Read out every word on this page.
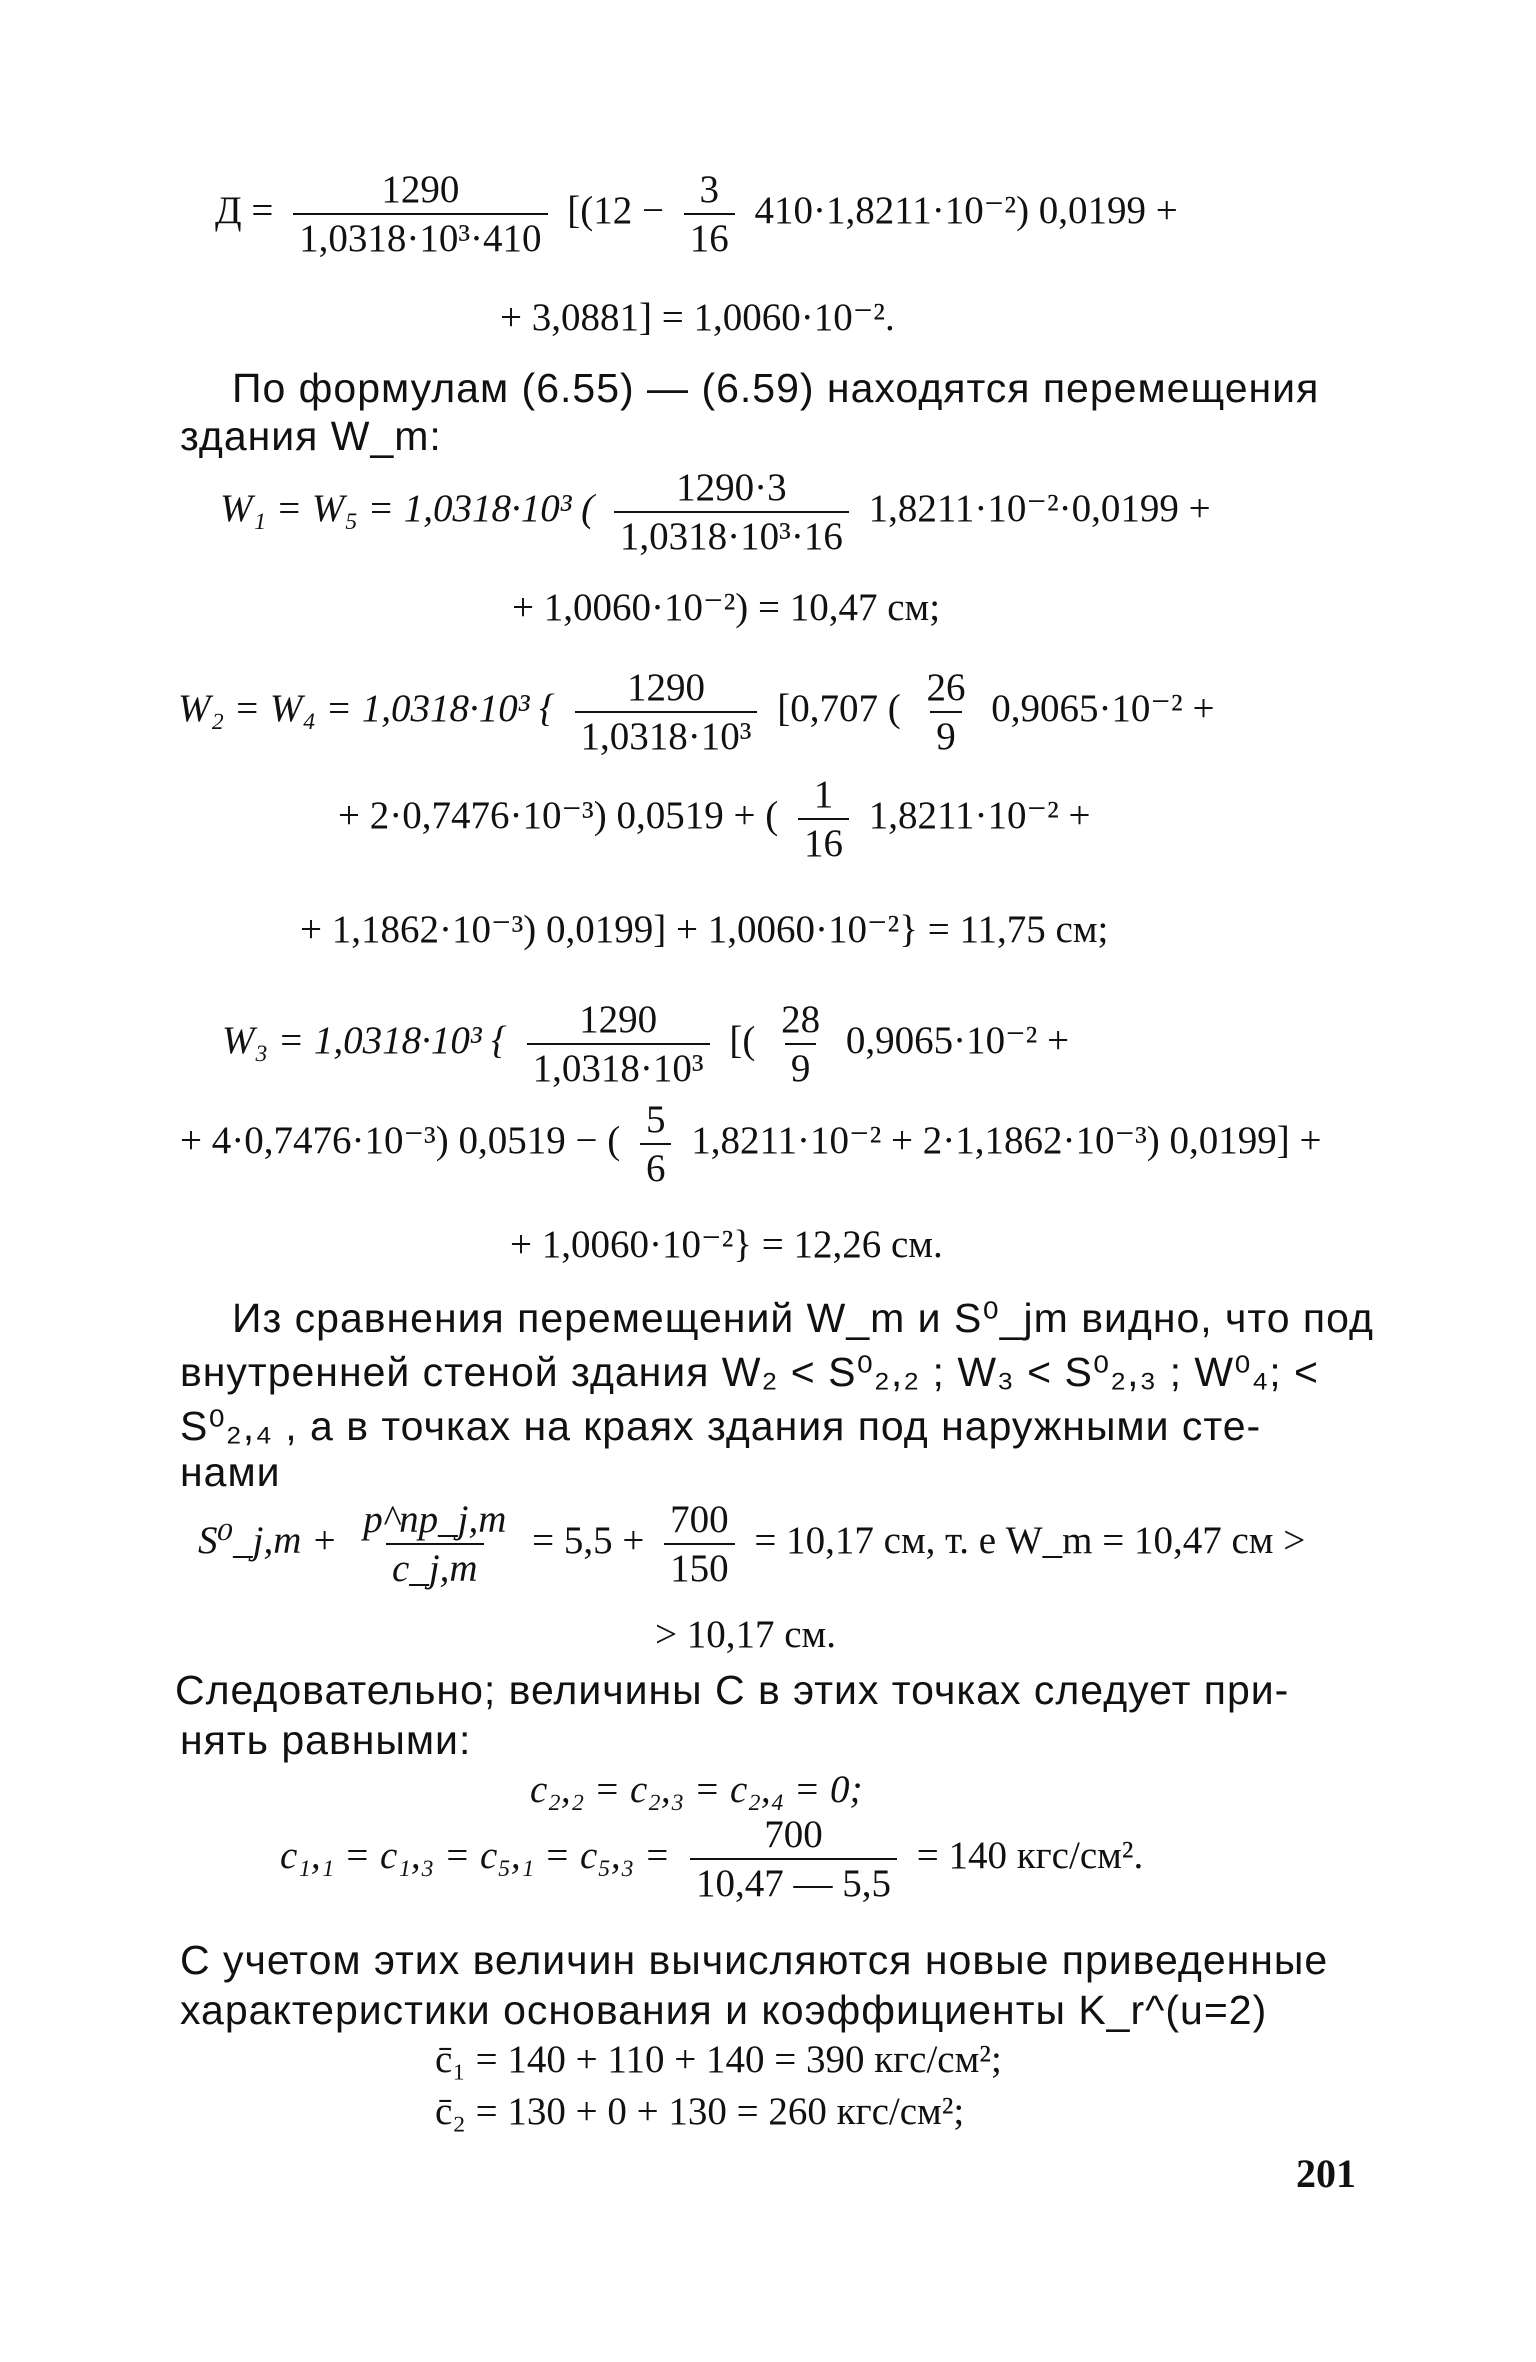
$Д = \frac{1290}{\text{1,0318·10³·410}} [(12 - \frac{3}{16} 410\cdot 1,8211\cdot 10^{-2}) 0,0199$ +
+ 3,0881] = 1,0060·10⁻².
По формулам (6.55) — (6.59) находятся перемещения
здания W_m:
W₁ = W₅ = 1,0318·10³ ( $\frac{1290\cdot 3}{\text{1,0318·10³·16}} 1,8211\cdot 10^{-2}\cdot 0,0199$ +
+ 1,0060·10⁻²) = 10,47 см;
W₂ = W₄ = 1,0318·10³ { $\frac{1290}{\text{1,0318·10³}} [0,707$ ( $\frac{26}{9} 0,9065\cdot 10^{-2}$ +
+ 2·0,7476·10⁻³) 0,0519 + ( $\frac{1}{16} 1,8211\cdot 10^{-2}$ +
+ 1,1862·10⁻³) 0,0199] + 1,0060·10⁻²} = 11,75 см;
W₃ = 1,0318·10³ { $\frac{1290}{\text{1,0318·10³}}$ [( $\frac{28}{9} 0,9065\cdot 10^{-2}$ +
+ 4·0,7476·10⁻³) 0,0519 − ( $\frac{5}{6} 1,8211\cdot 10^{-2} + 2\cdot 1,1862\cdot 10^{-3}$) 0,0199] +
+ 1,0060·10⁻²} = 12,26 см.
Из сравнения перемещений W_m и S⁰_jm видно, что под
внутренней стеной здания W₂ < S⁰₂,₂ ; W₃ < S⁰₂,₃ ; W⁰₄; <
S⁰₂,₄ , а в точках на краях здания под наружными сте-
нами
S⁰_j,m + $\frac{p\^{}пр\_j,m}{c\_j,m} = 5,5 + \frac{700}{150} = 10,17$ см, т. е W_m = 10,47 см >
> 10,17 см.
Следовательно; величины C в этих точках следует при-
нять равными:
c₂,₂ = c₂,₃ = c₂,₄ = 0;
$c_1,_1 = c_1,_3 = c_5,_1 = c_5,_3 = \frac{700}{10,47 — 5,5} = 140$ кгс/см².
С учетом этих величин вычисляются новые приведенные
характеристики основания и коэффициенты K_r^(u=2)
c̄₁ = 140 + 110 + 140 = 390 кгс/см²;
c̄₂ = 130 + 0 + 130 = 260 кгс/см²;
201
